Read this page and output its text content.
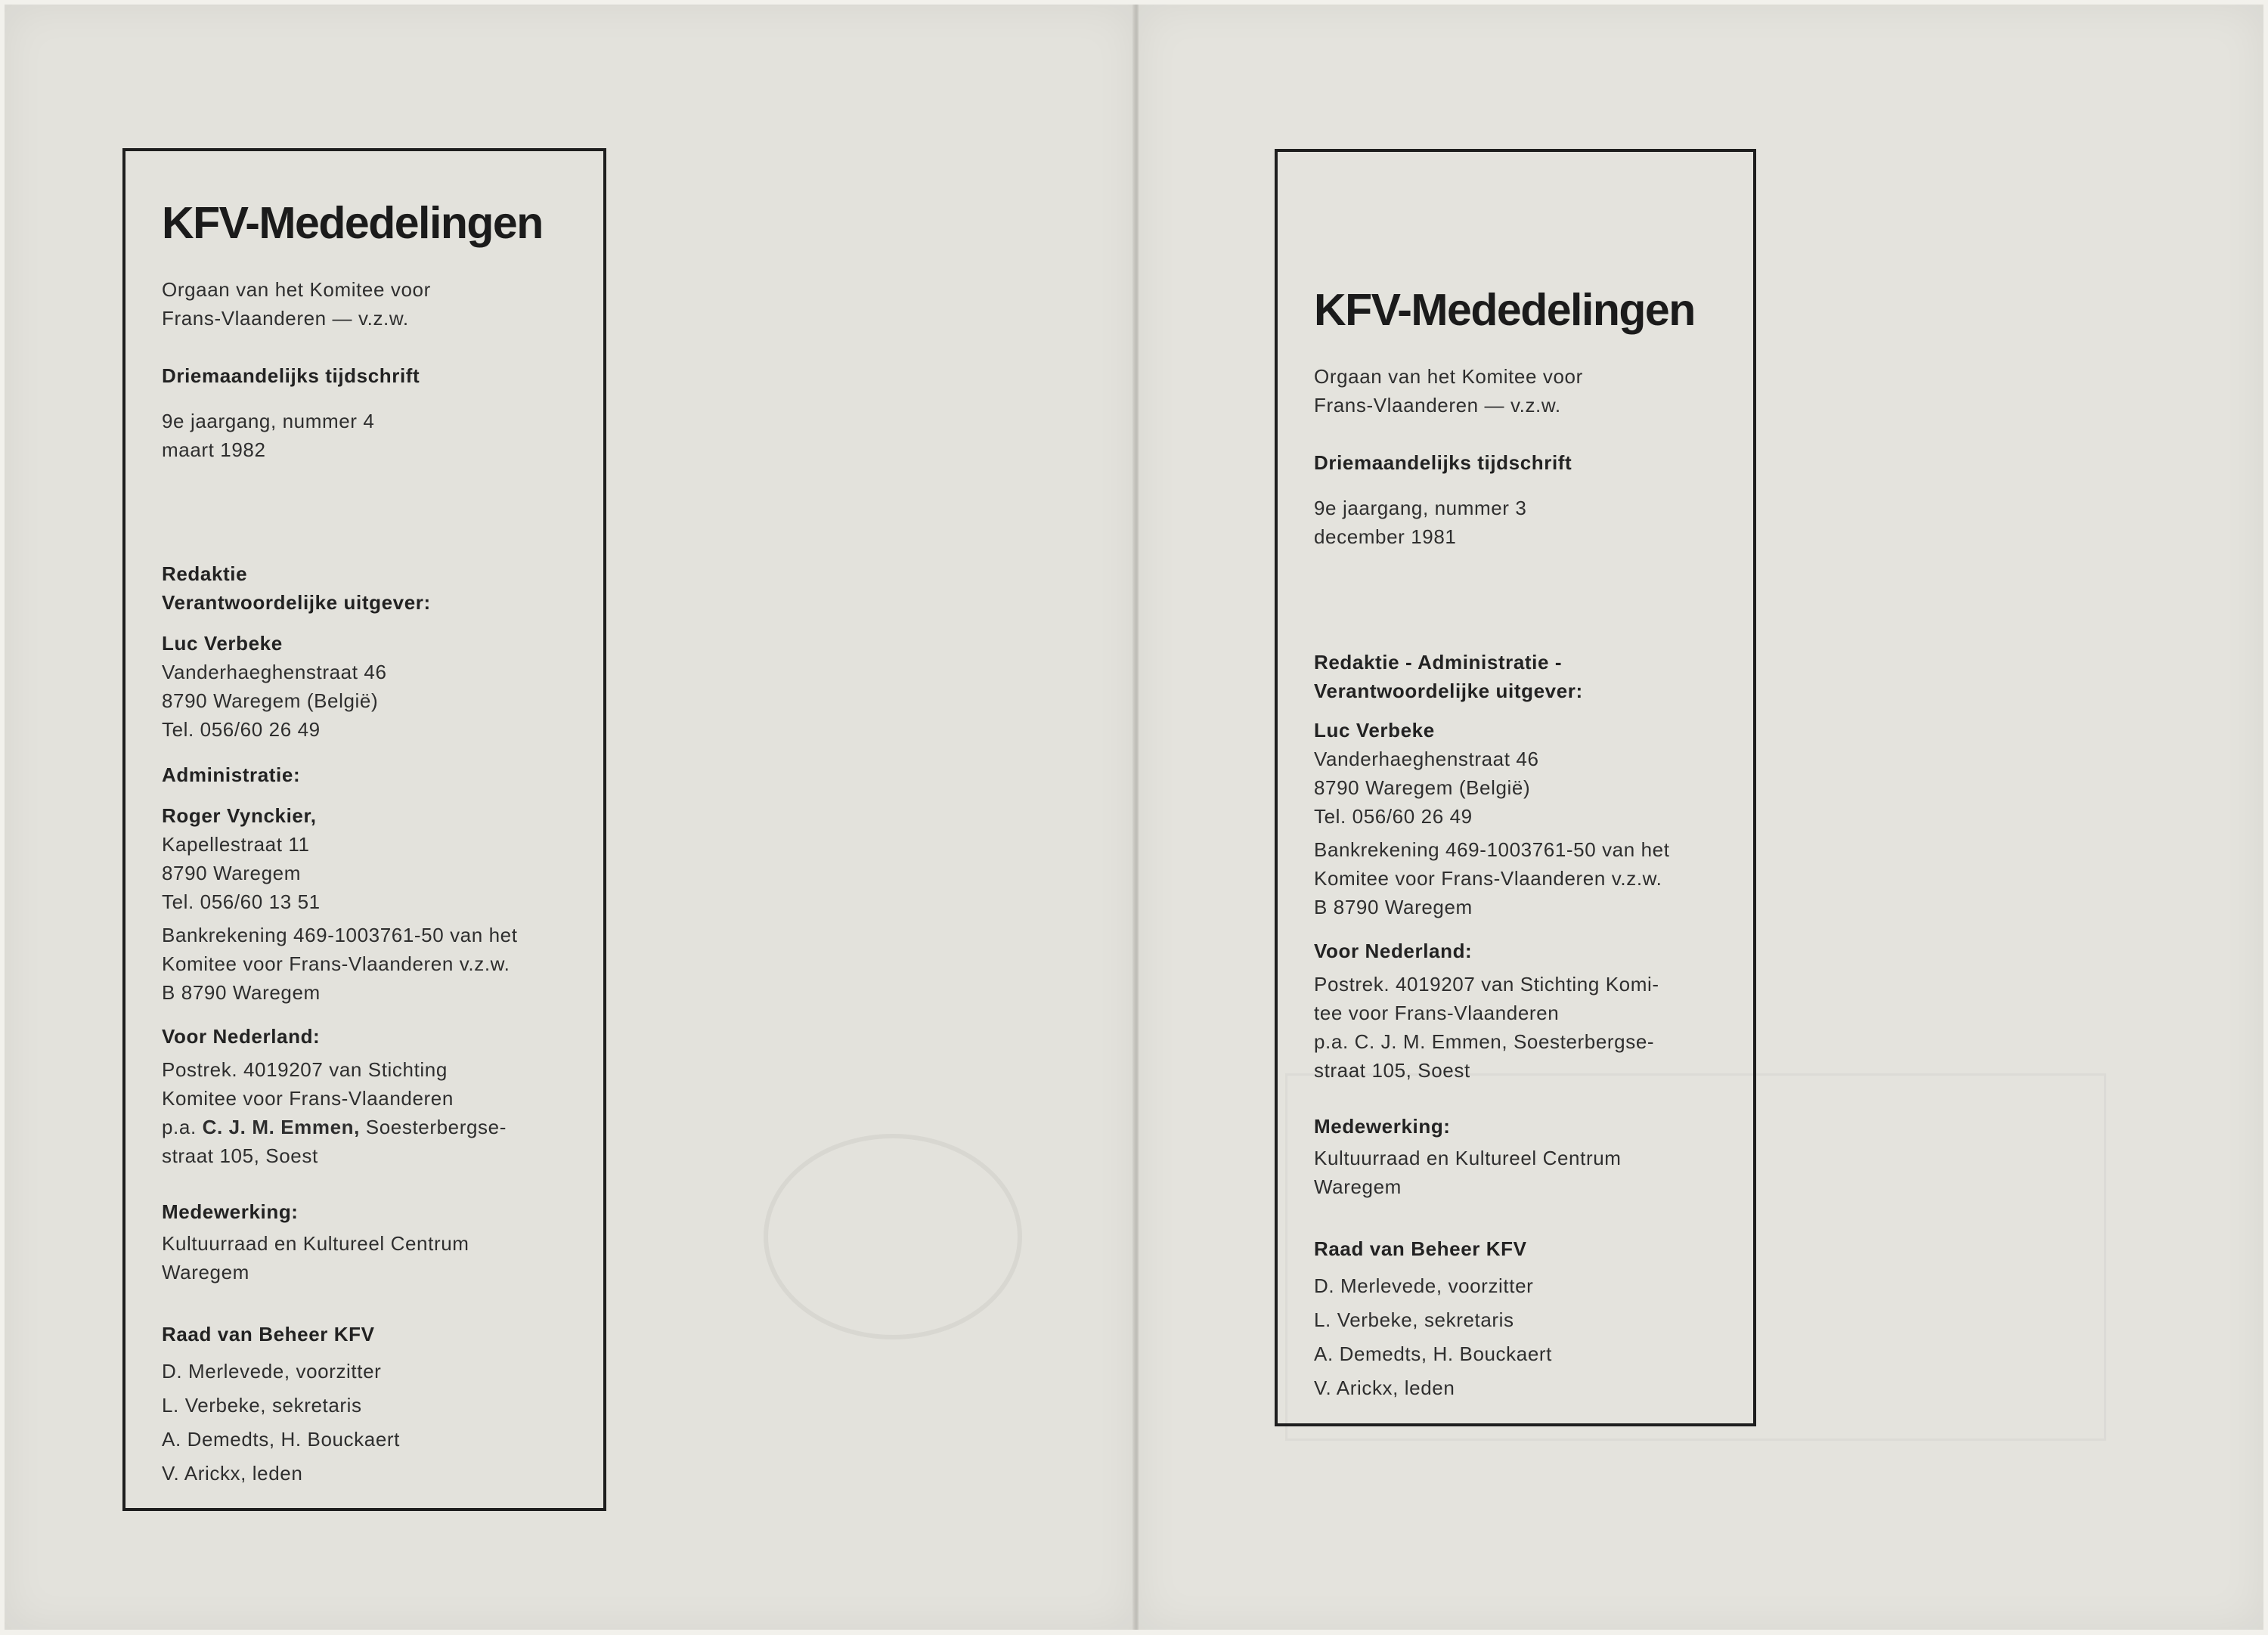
KFV-Mededelingen
Orgaan van het Komitee voor
Frans-Vlaanderen — v.z.w.
Driemaandelijks tijdschrift
9e jaargang, nummer 4
maart 1982
Redaktie
Verantwoordelijke uitgever:
Luc Verbeke
Vanderhaeghenstraat 46
8790 Waregem (België)
Tel. 056/60 26 49
Administratie:
Roger Vynckier,
Kapellestraat 11
8790 Waregem
Tel. 056/60 13 51
Bankrekening 469-1003761-50 van het
Komitee voor Frans-Vlaanderen v.z.w.
B 8790 Waregem
Voor Nederland:
Postrek. 4019207 van Stichting
Komitee voor Frans-Vlaanderen
p.a. C. J. M. Emmen, Soesterbergse-
straat 105, Soest
Medewerking:
Kultuurraad en Kultureel Centrum
Waregem
Raad van Beheer KFV
D. Merlevede, voorzitter
L. Verbeke, sekretaris
A. Demedts, H. Bouckaert
V. Arickx, leden
KFV-Mededelingen
Orgaan van het Komitee voor
Frans-Vlaanderen — v.z.w.
Driemaandelijks tijdschrift
9e jaargang, nummer 3
december 1981
Redaktie - Administratie -
Verantwoordelijke uitgever:
Luc Verbeke
Vanderhaeghenstraat 46
8790 Waregem (België)
Tel. 056/60 26 49
Bankrekening 469-1003761-50 van het
Komitee voor Frans-Vlaanderen v.z.w.
B 8790 Waregem
Voor Nederland:
Postrek. 4019207 van Stichting Komi-
tee voor Frans-Vlaanderen
p.a. C. J. M. Emmen, Soesterbergse-
straat 105, Soest
Medewerking:
Kultuurraad en Kultureel Centrum
Waregem
Raad van Beheer KFV
D. Merlevede, voorzitter
L. Verbeke, sekretaris
A. Demedts, H. Bouckaert
V. Arickx, leden
